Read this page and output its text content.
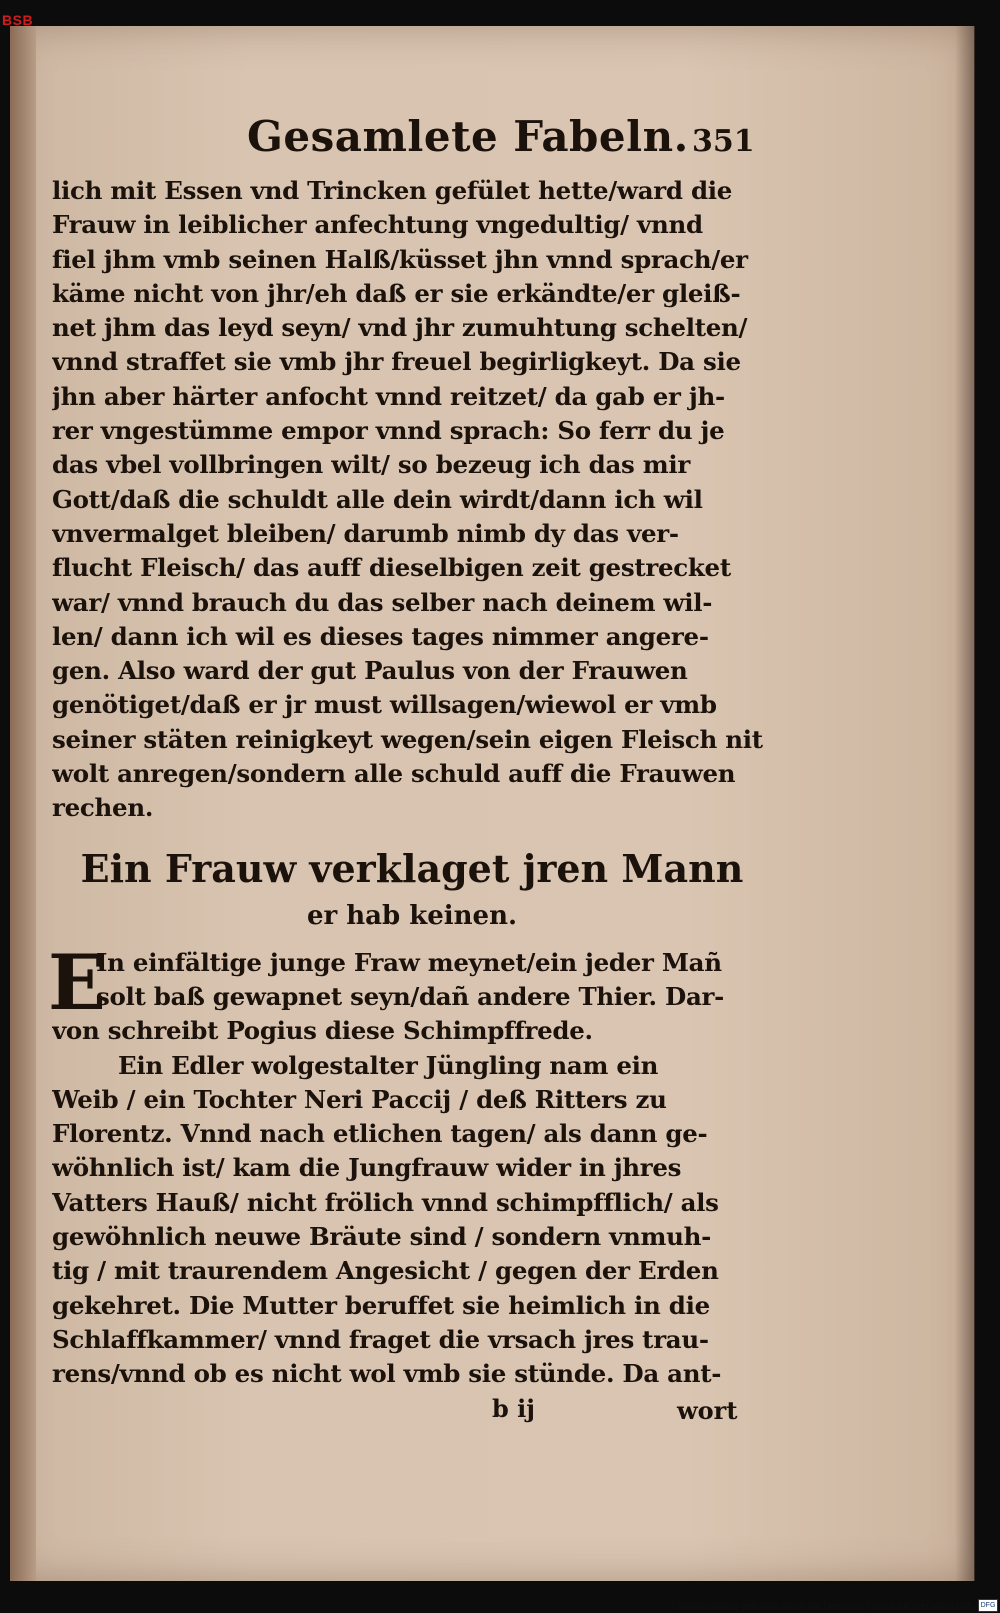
BSB
Gesamlete Fabeln. 351
lich mit Essen vnd Trincken gefület hette/ward die
Frauw in leiblicher anfechtung vngedultig/ vnnd
fiel jhm vmb seinen Halß/küsset jhn vnnd sprach/er
käme nicht von jhr/eh daß er sie erkändte/er gleiß-
net jhm das leyd seyn/ vnd jhr zumuhtung schelten/
vnnd straffet sie vmb jhr freuel begirligkeyt. Da sie
jhn aber härter anfocht vnnd reitzet/ da gab er jh-
rer vngestümme empor vnnd sprach: So ferr du je
das vbel vollbringen wilt/ so bezeug ich das mir
Gott/daß die schuldt alle dein wirdt/dann ich wil
vnvermalget bleiben/ darumb nimb dy das ver-
flucht Fleisch/ das auff dieselbigen zeit gestrecket
war/ vnnd brauch du das selber nach deinem wil-
len/ dann ich wil es dieses tages nimmer angere-
gen. Also ward der gut Paulus von der Frauwen
genötiget/daß er jr must willsagen/wiewol er vmb
seiner stäten reinigkeyt wegen/sein eigen Fleisch nit
wolt anregen/sondern alle schuld auff die Frauwen
rechen.
Ein Frauw verklaget jren Mann
er hab keinen.
E
In einfältige junge Fraw meynet/ein jeder Mañ
solt baß gewapnet seyn/dañ andere Thier. Dar-
von schreibt Pogius diese Schimpffrede.
Ein Edler wolgestalter Jüngling nam ein
Weib / ein Tochter Neri Paccij / deß Ritters zu
Florentz. Vnnd nach etlichen tagen/ als dann ge-
wöhnlich ist/ kam die Jungfrauw wider in jhres
Vatters Hauß/ nicht frölich vnnd schimpfflich/ als
gewöhnlich neuwe Bräute sind / sondern vnmuh-
tig / mit traurendem Angesicht / gegen der Erden
gekehret. Die Mutter beruffet sie heimlich in die
Schlaffkammer/ vnnd fraget die vrsach jres trau-
rens/vnnd ob es nicht wol vmb sie stünde. Da ant-
b ij	wort
Digitalisierung gefördert durch die Deutsche Forschungsgemeinschaft - DFG
